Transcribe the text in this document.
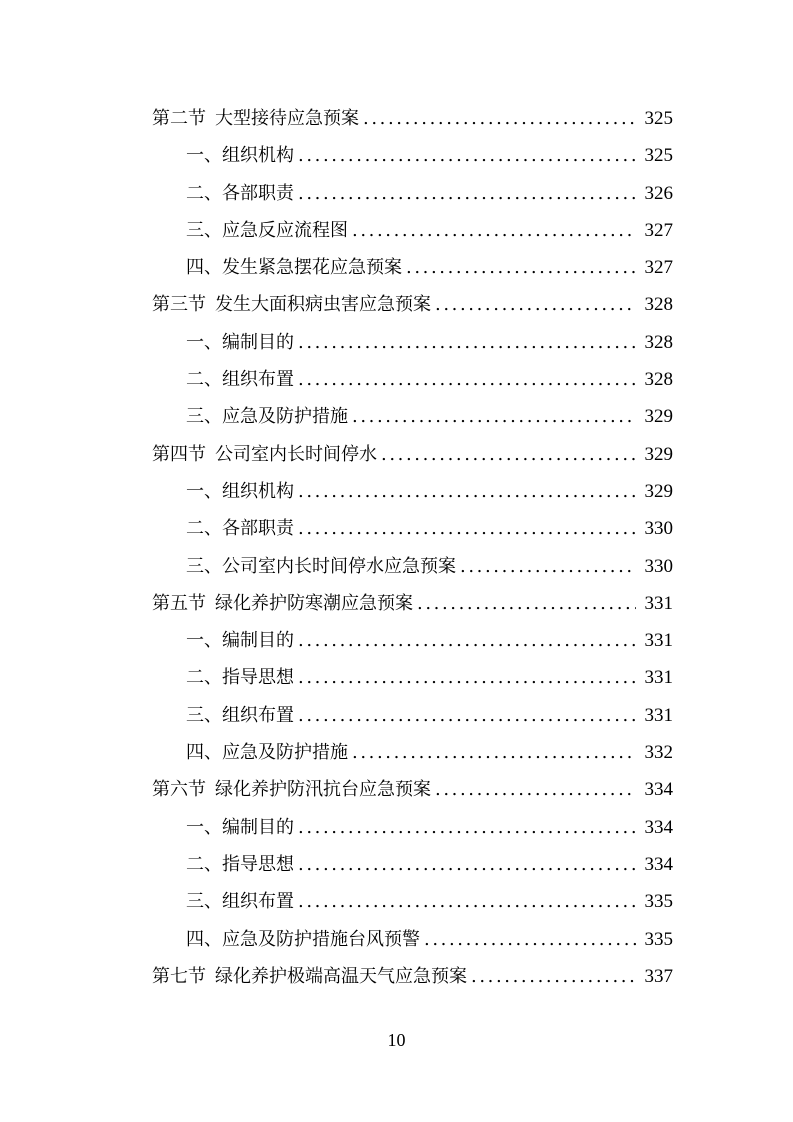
第二节 大型接待应急预案 .....	325
一、组织机构 .....	325
二、各部职责 .....	326
三、应急反应流程图 .....	327
四、发生紧急摆花应急预案 .....	327
第三节 发生大面积病虫害应急预案 .....	328
一、编制目的 .....	328
二、组织布置 .....	328
三、应急及防护措施 .....	329
第四节 公司室内长时间停水 .....	329
一、组织机构 .....	329
二、各部职责 .....	330
三、公司室内长时间停水应急预案 .....	330
第五节 绿化养护防寒潮应急预案 .....	331
一、编制目的 .....	331
二、指导思想 .....	331
三、组织布置 .....	331
四、应急及防护措施 .....	332
第六节 绿化养护防汛抗台应急预案 .....	334
一、编制目的 .....	334
二、指导思想 .....	334
三、组织布置 .....	335
四、应急及防护措施台风预警 .....	335
第七节 绿化养护极端高温天气应急预案 .....	337
10
